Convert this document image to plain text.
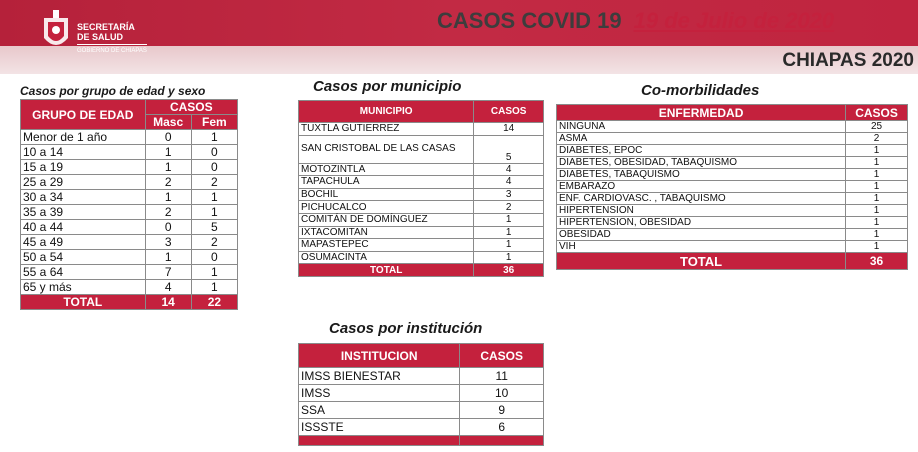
SECRETARÍA
DE SALUD
GOBIERNO DE CHIAPAS
CASOS COVID 19 19 de Julio de 2020
CHIAPAS 2020
Casos por grupo de edad y sexo
GRUPO DE EDAD	CASOS	
	Masc	Fem
Menor de 1 año	0	1
10 a 14	1	0
15 a 19	1	0
25 a 29	2	2
30 a 34	1	1
35 a 39	2	1
40 a 44	0	5
45 a 49	3	2
50 a 54	1	0
55 a 64	7	1
65 y más	4	1
TOTAL	14	22
Casos por municipio
MUNICIPIO	CASOS
TUXTLA GUTIERREZ	14
SAN CRISTOBAL DE LAS CASAS	5
MOTOZINTLA	4
TAPACHULA	4
BOCHIL	3
PICHUCALCO	2
COMITÁN DE DOMÍNGUEZ	1
IXTACOMITAN	1
MAPASTEPEC	1
OSUMACINTA	1
TOTAL	36
Co-morbilidades
ENFERMEDAD	CASOS
NINGUNA	25
ASMA	2
DIABETES, EPOC	1
DIABETES, OBESIDAD, TABAQUISMO	1
DIABETES, TABAQUISMO	1
EMBARAZO	1
ENF. CARDIOVASC. , TABAQUISMO	1
HIPERTENSION	1
HIPERTENSION, OBESIDAD	1
OBESIDAD	1
VIH	1
TOTAL	36
Casos por institución
INSTITUCION	CASOS
IMSS BIENESTAR	11
IMSS	10
SSA	9
ISSSTE	6
